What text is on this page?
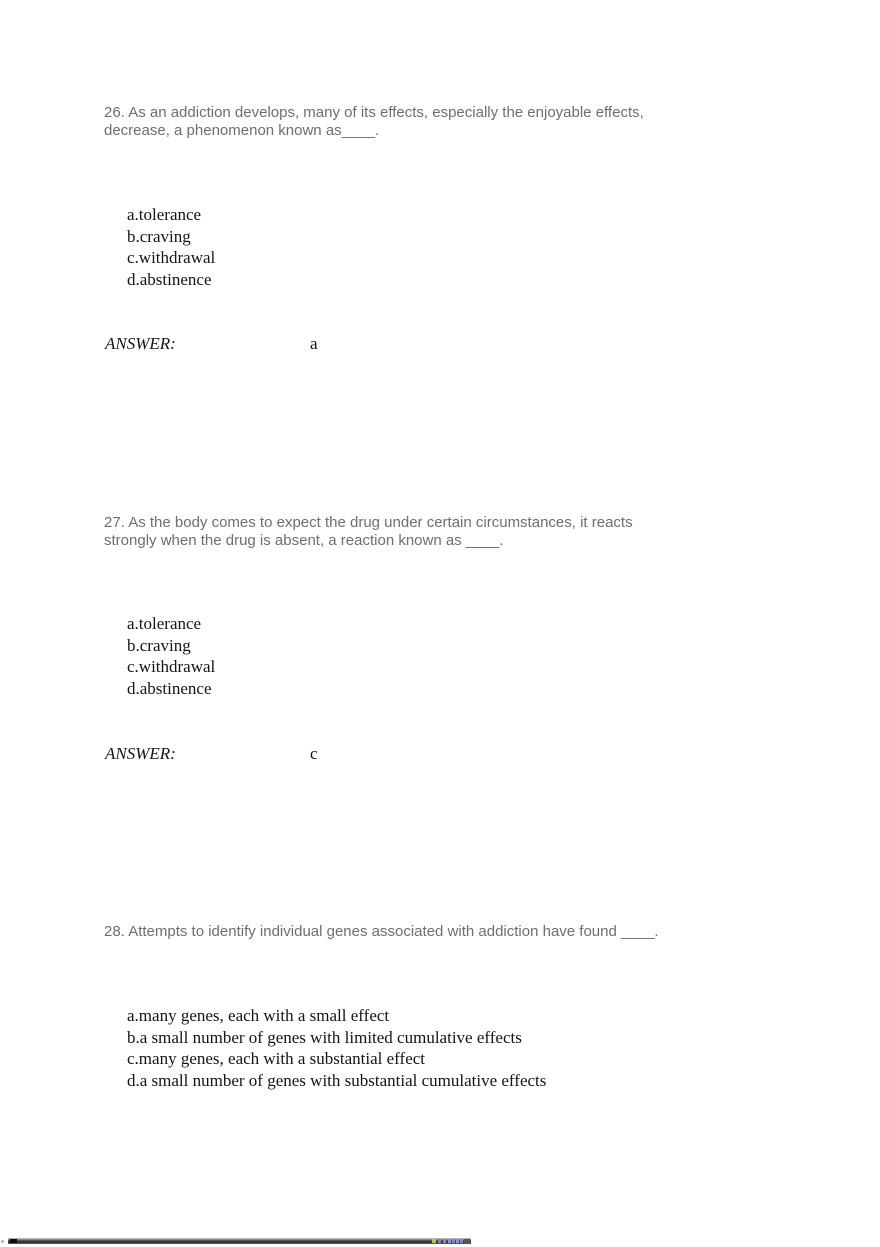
26. As an addiction develops, many of its effects, especially the enjoyable effects,
decrease, a phenomenon known as____.
a.tolerance
b.craving
c.withdrawal
d.abstinence
ANSWER:	a
27. As the body comes to expect the drug under certain circumstances, it reacts
strongly when the drug is absent, a reaction known as ____.
a.tolerance
b.craving
c.withdrawal
d.abstinence
ANSWER:	c
28. Attempts to identify individual genes associated with addiction have found ____.
a.many genes, each with a small effect
b.a small number of genes with limited cumulative effects
c.many genes, each with a substantial effect
d.a small number of genes with substantial cumulative effects
